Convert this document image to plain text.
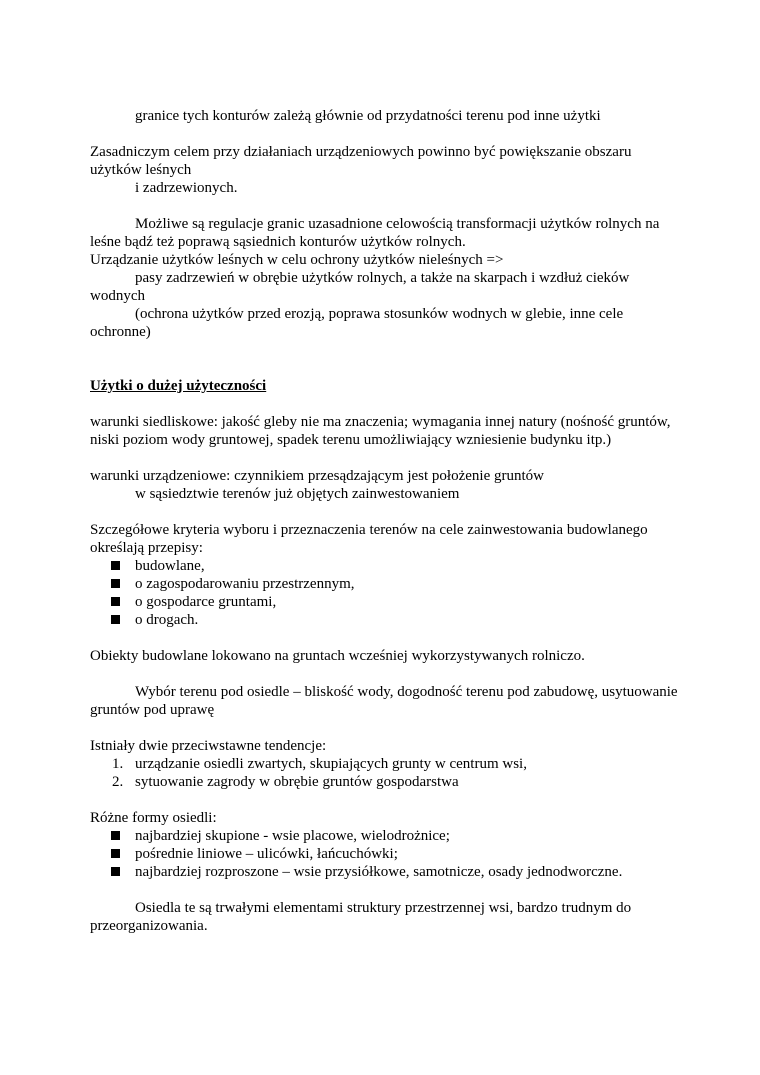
granice tych konturów zależą głównie od przydatności terenu pod inne użytki

Zasadniczym celem przy działaniach urządzeniowych powinno być powiększanie obszaru użytków leśnych

i zadrzewionych.

Możliwe są regulacje granic uzasadnione celowością transformacji użytków rolnych na leśne bądź też poprawą sąsiednich konturów użytków rolnych.

Urządzanie użytków leśnych w celu ochrony użytków nieleśnych =>

pasy zadrzewień w obrębie użytków rolnych, a także na skarpach i wzdłuż cieków wodnych

(ochrona użytków przed erozją, poprawa stosunków wodnych w glebie, inne cele ochronne)

Użytki o dużej użyteczności

warunki siedliskowe: jakość gleby nie ma znaczenia; wymagania innej natury (nośność gruntów, niski poziom wody gruntowej, spadek terenu umożliwiający wzniesienie budynku itp.)

warunki urządzeniowe: czynnikiem przesądzającym jest położenie gruntów

w sąsiedztwie terenów już objętych zainwestowaniem

Szczegółowe kryteria wyboru i przeznaczenia terenów na cele zainwestowania budowlanego określają przepisy:

budowlane,
o zagospodarowaniu przestrzennym,
o gospodarce gruntami,
o drogach.

Obiekty budowlane lokowano na gruntach wcześniej wykorzystywanych rolniczo.

Wybór terenu pod osiedle – bliskość wody, dogodność terenu pod zabudowę, usytuowanie gruntów pod uprawę

Istniały dwie przeciwstawne tendencje:

1. urządzanie osiedli zwartych, skupiających grunty w centrum wsi,
2. sytuowanie zagrody w obrębie gruntów gospodarstwa

Różne formy osiedli:

najbardziej skupione - wsie placowe, wielodrożnice;
pośrednie liniowe – ulicówki, łańcuchówki;
najbardziej rozproszone – wsie przysiółkowe, samotnicze, osady jednodworczne.

Osiedla te są trwałymi elementami struktury przestrzennej wsi, bardzo trudnym do przeorganizowania.
